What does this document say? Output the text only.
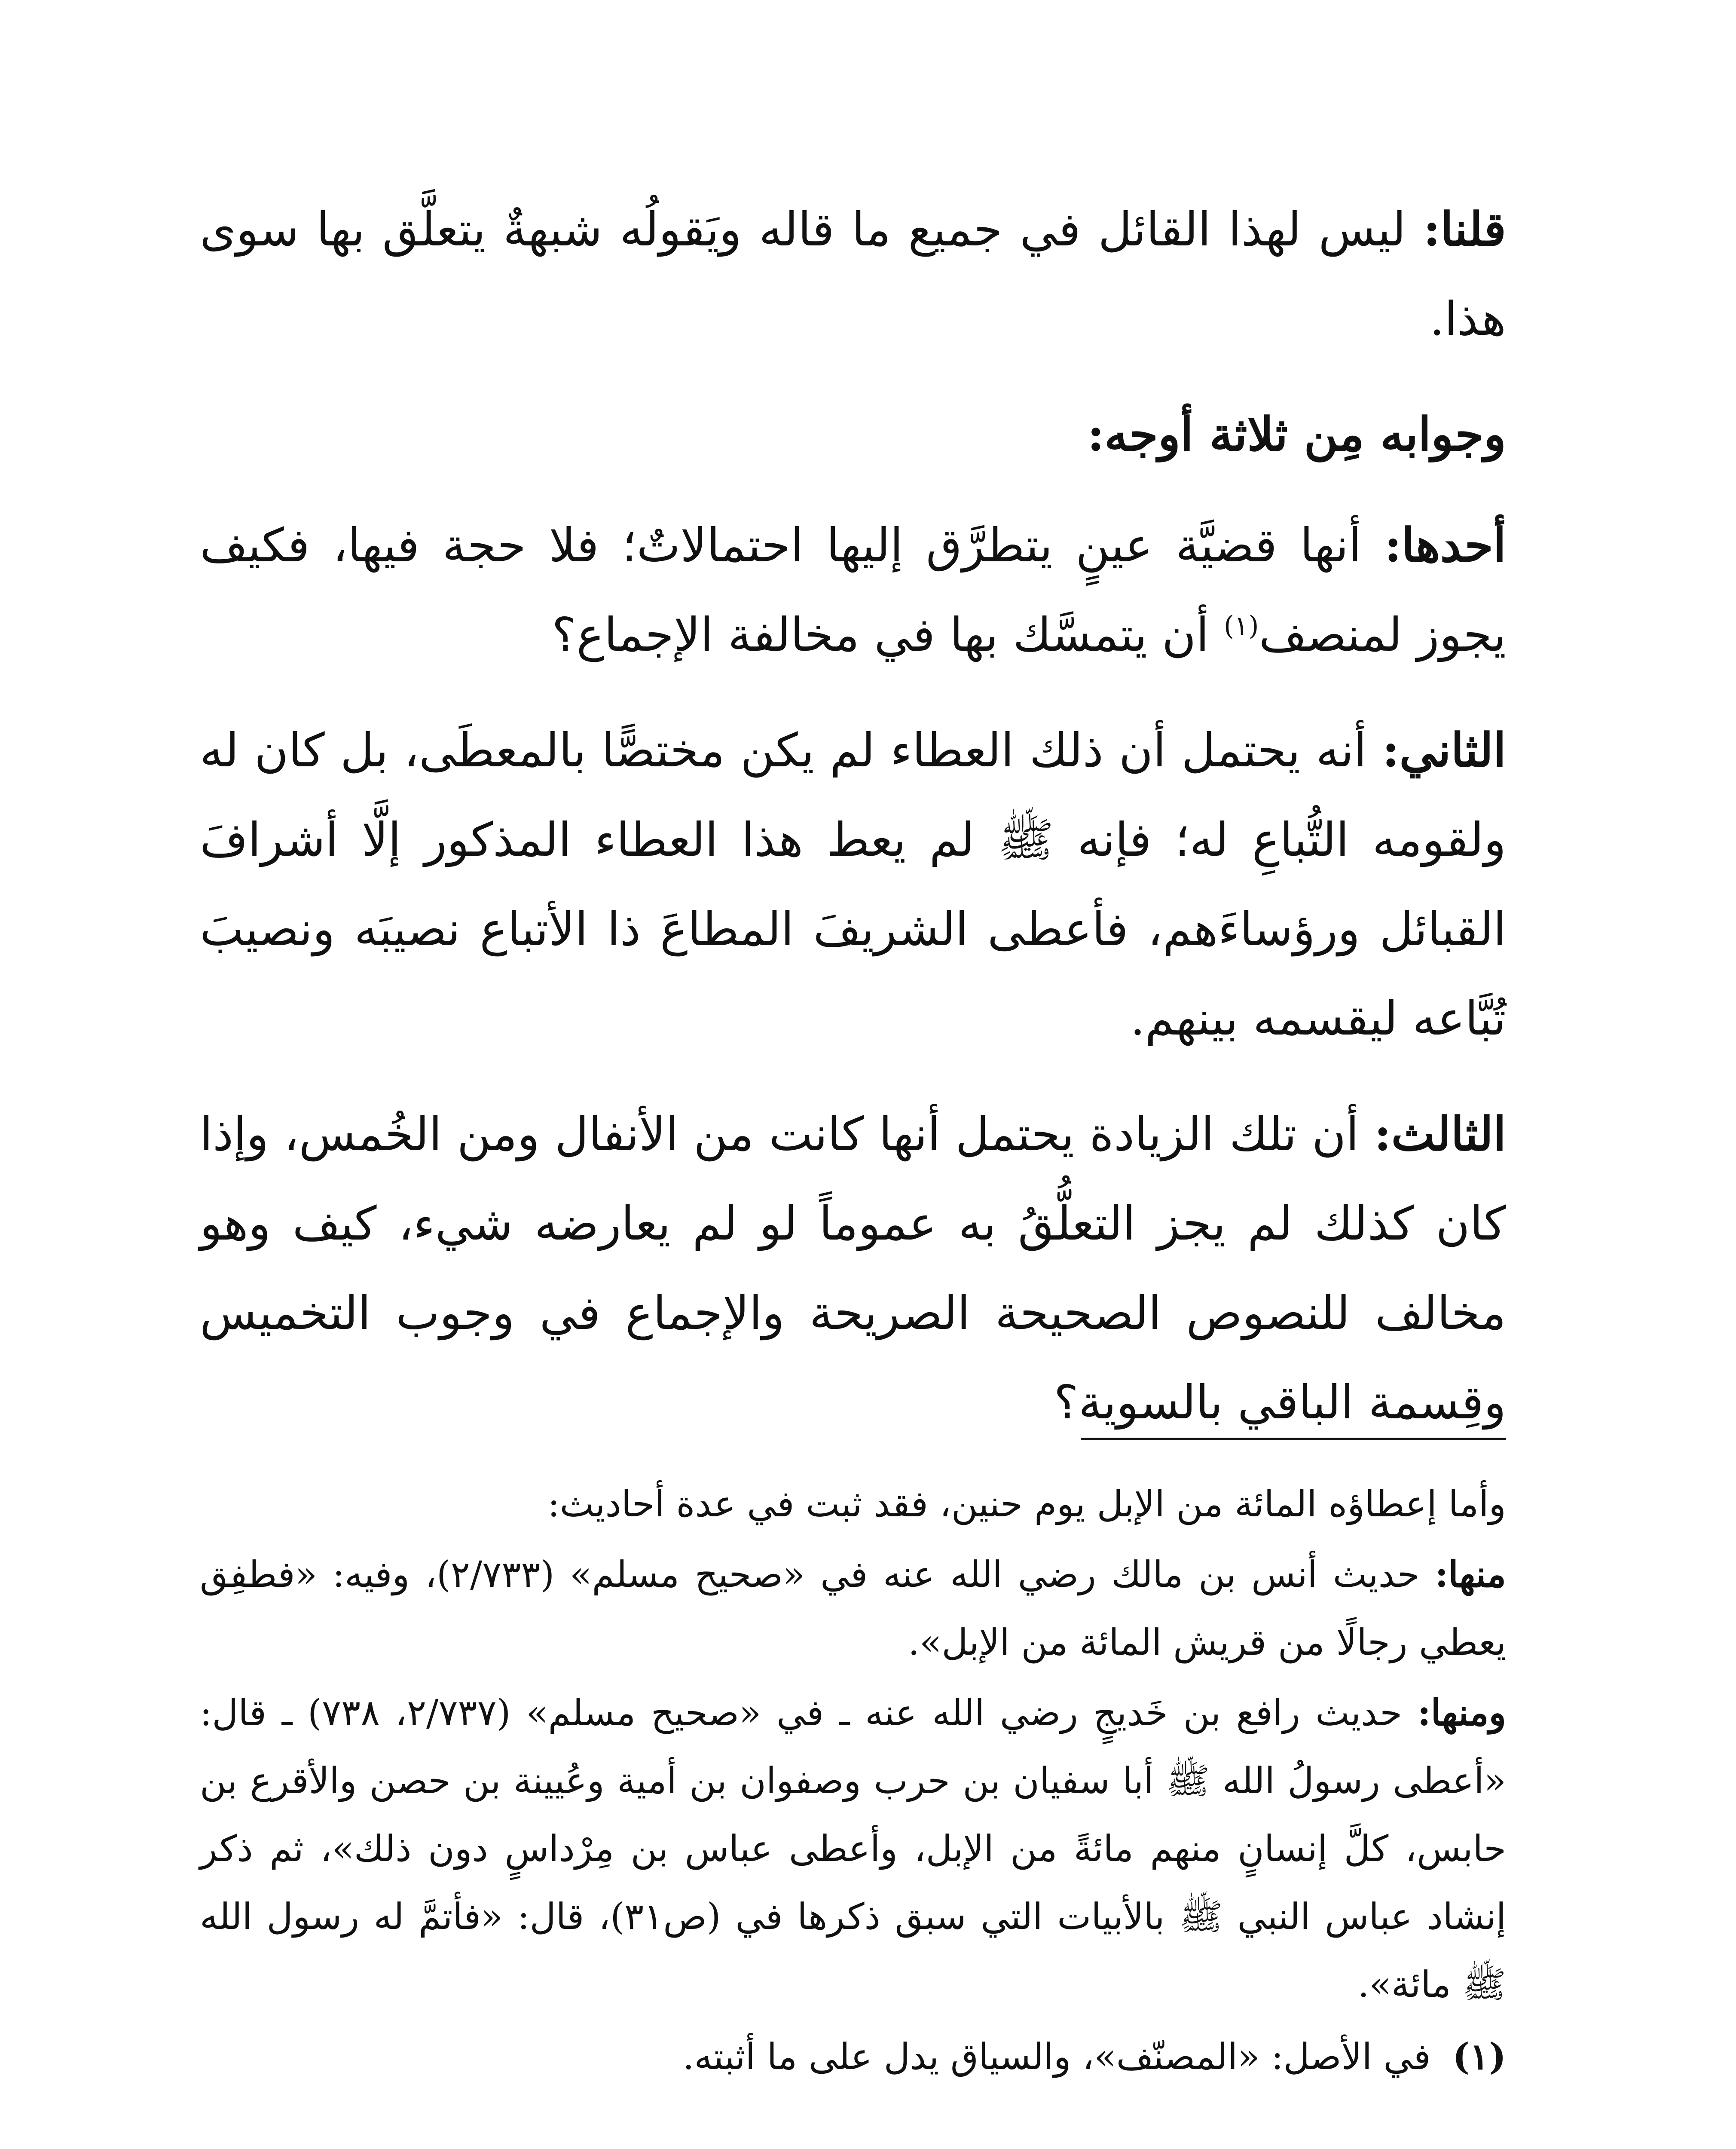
قلنا: ليس لهذا القائل في جميع ما قاله ويَقولُه شبهةٌ يتعلَّق بها سوى هذا.

وجوابه مِن ثلاثة أوجه:

أحدها: أنها قضيَّة عينٍ يتطرَّق إليها احتمالاتٌ؛ فلا حجة فيها، فكيف يجوز لمنصف$^{(١)}$ أن يتمسَّك بها في مخالفة الإجماع؟

الثاني: أنه يحتمل أن ذلك العطاء لم يكن مختصًّا بالمعطَى، بل كان له ولقومه التُّباعِ له؛ فإنه ﷺ لم يعط هذا العطاء المذكور إلَّا أشرافَ القبائل ورؤساءَهم، فأعطى الشريفَ المطاعَ ذا الأتباع نصيبَه ونصيبَ تُبَّاعه ليقسمه بينهم.

الثالث: أن تلك الزيادة يحتمل أنها كانت من الأنفال ومن الخُمس، وإذا كان كذلك لم يجز التعلُّقُ به عموماً لو لم يعارضه شيء، كيف وهو مخالف للنصوص الصحيحة الصريحة والإجماع في وجوب التخميس وقِسمة الباقي بالسوية؟

وأما إعطاؤه المائة من الإبل يوم حنين، فقد ثبت في عدة أحاديث:

منها: حديث أنس بن مالك رضي الله عنه في «صحيح مسلم» (٢/٧٣٣)، وفيه: «فطفِق يعطي رجالًا من قريش المائة من الإبل».

ومنها: حديث رافع بن خَديجٍ رضي الله عنه ـ في «صحيح مسلم» (٢/٧٣٧، ٧٣٨) ـ قال: «أعطى رسولُ الله ﷺ أبا سفيان بن حرب وصفوان بن أمية وعُيينة بن حصن والأقرع بن حابس، كلَّ إنسانٍ منهم مائةً من الإبل، وأعطى عباس بن مِرْداسٍ دون ذلك»، ثم ذكر إنشاد عباس النبي ﷺ بالأبيات التي سبق ذكرها في (ص٣١)، قال: «فأتمَّ له رسول الله ﷺ مائة».

(١) في الأصل: «المصنّف»، والسياق يدل على ما أثبته.
